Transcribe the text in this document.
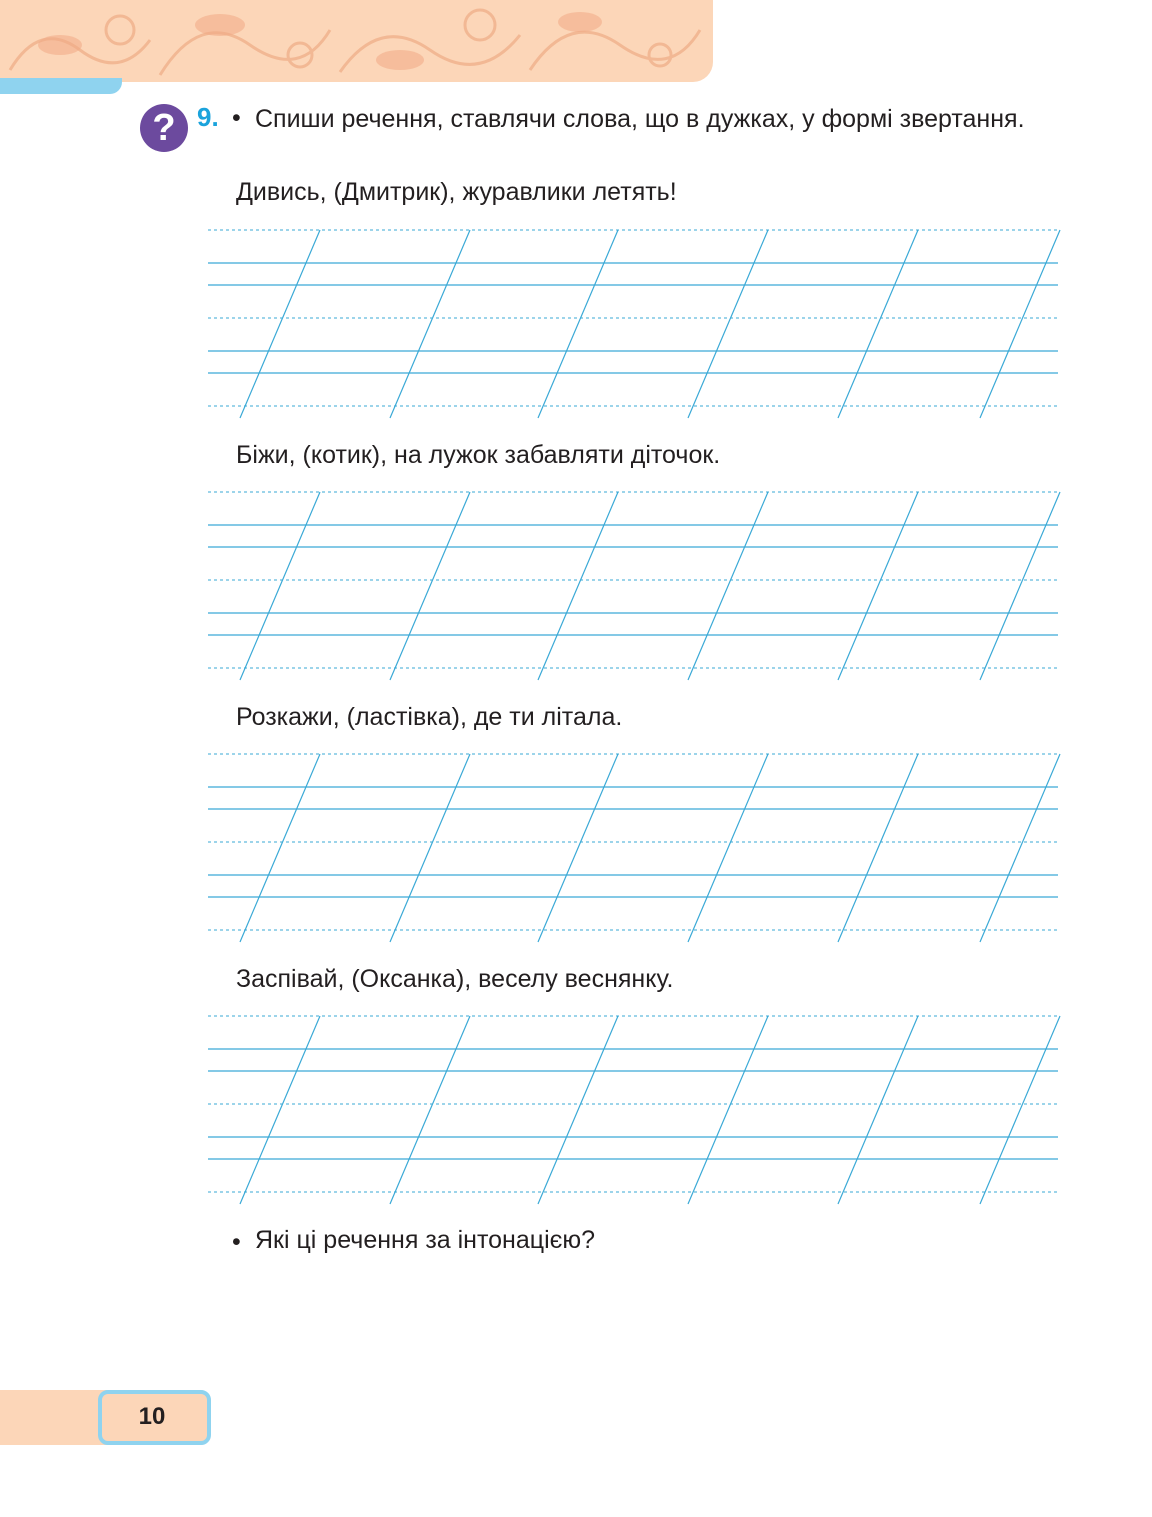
? 9. • Спиши речення, ставлячи слова, що в дужках, у формі звертання.
Дивись, (Дмитрик), журавлики летять!
Біжи, (котик), на лужок забавляти діточок.
Розкажи, (ластівка), де ти літала.
Заспівай, (Оксанка), веселу веснянку.
• Які ці речення за інтонацією?
10
